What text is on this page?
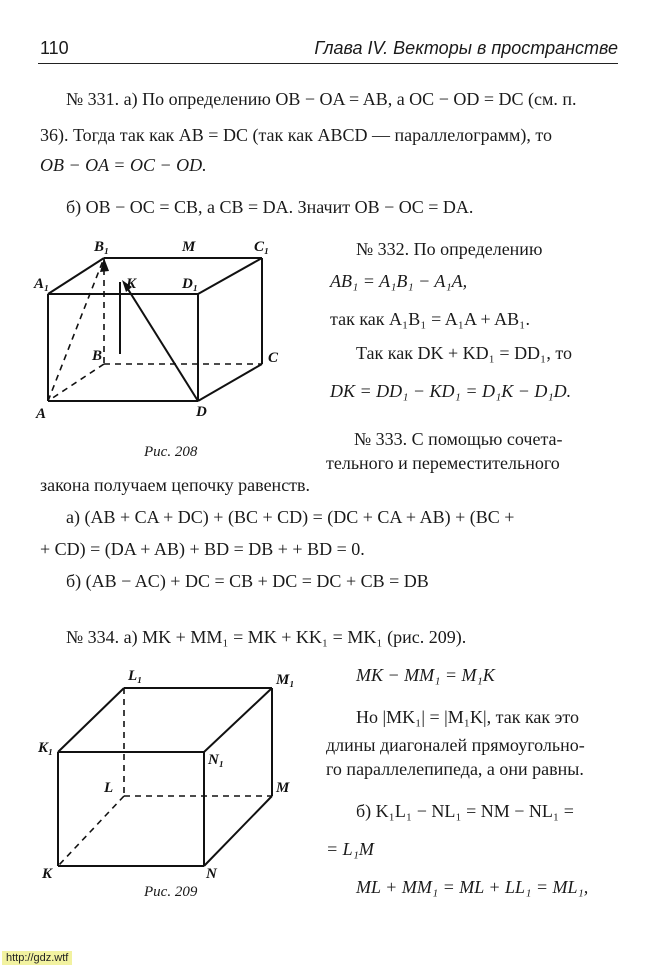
110	Глава IV. Векторы в пространстве
№ 331. а) По определению OB − OA = AB, а OC − OD = DC (см. п.
36). Тогда так как AB = DC (так как ABCD — параллелограмм), то
OB − OA = OC − OD.
б) OB − OC = CB, а CB = DA. Значит OB − OC = DA.
B₁	M	C₁
A₁	K	D₁
B	C
A	D
Рис. 208
№ 332. По определению
AB₁ = A₁B₁ − A₁A,
так как A₁B₁ = A₁A + AB₁.
Так как DK + KD₁ = DD₁, то
DK = DD₁ − KD₁ = D₁K − D₁D.
№ 333. С помощью сочета-
тельного и переместительного
закона получаем цепочку равенств.
а) (AB + CA + DC) + (BC + CD) = (DC + CA + AB) + (BC +
+ CD) = (DA + AB) + BD = DB + + BD = 0.
б) (AB − AC) + DC = CB + DC = DC + CB = DB
№ 334. а) MK + MM₁ = MK + KK₁ = MK₁ (рис. 209).
MK − MM₁ = M₁K
Но |MK₁| = |M₁K|, так как это
длины диагоналей прямоугольно-
го параллелепипеда, а они равны.
б) K₁L₁ − NL₁ = NM − NL₁ =
= L₁M
ML + MM₁ = ML + LL₁ = ML₁,
L₁	M₁
K₁
N₁
L	M
K	N
Рис. 209
http://gdz.wtf
